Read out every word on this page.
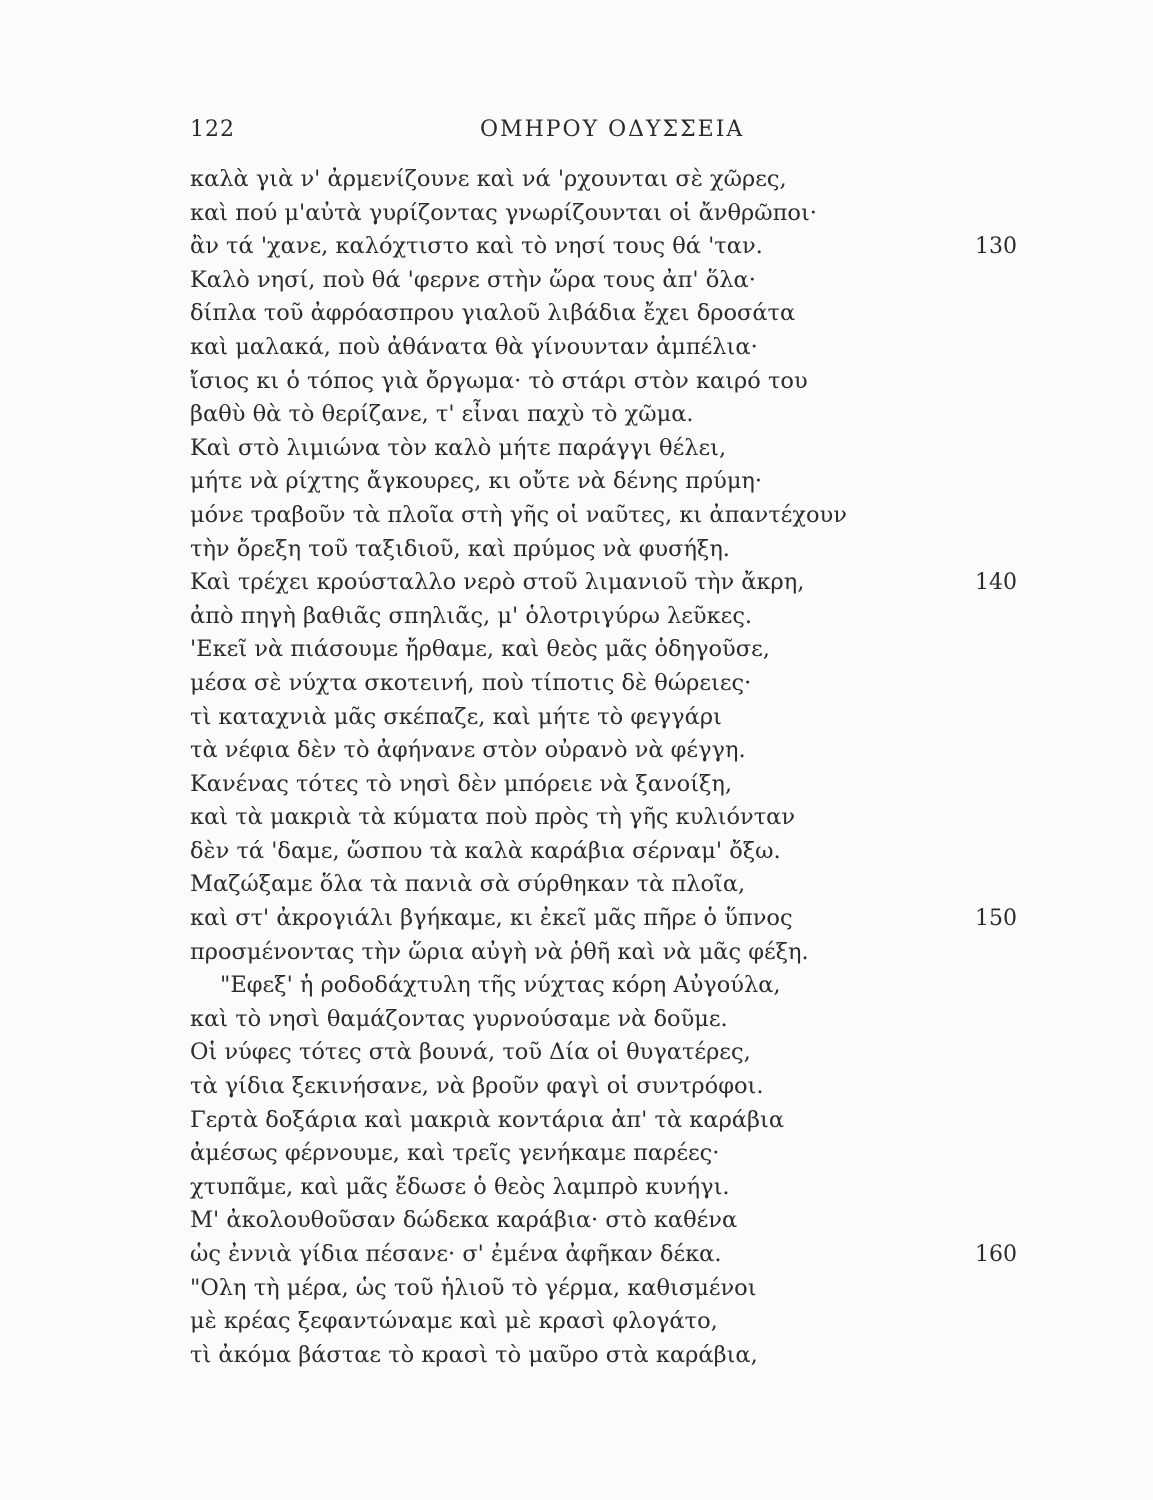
122	ΟΜΗΡΟΥ ΟΔΥΣΣΕΙΑ
καλὰ γιὰ ν' ἀρμενίζουνε καὶ νά 'ρχουνται σὲ χῶρες,
καὶ πού μ'αὐτὰ γυρίζοντας γνωρίζουνται οἱ ἄνθρῶποι·
ἂν τά 'χανε, καλόχτιστο καὶ τὸ νησί τους θά 'ταν.	130
Καλὸ νησί, ποὺ θά 'φερνε στὴν ὥρα τους ἀπ' ὅλα·
δίπλα τοῦ ἀφρόασπρου γιαλοῦ λιβάδια ἔχει δροσάτα
καὶ μαλακά, ποὺ ἀθάνατα θὰ γίνουνταν ἀμπέλια·
ἴσιος κι ὁ τόπος γιὰ ὄργωμα· τὸ στάρι στὸν καιρό του
βαθὺ θὰ τὸ θερίζανε, τ' εἶναι παχὺ τὸ χῶμα.
Καὶ στὸ λιμιώνα τὸν καλὸ μήτε παράγγι θέλει,
μήτε νὰ ρίχτης ἄγκουρες, κι οὔτε νὰ δένης πρύμη·
μόνε τραβοῦν τὰ πλοῖα στὴ γῆς οἱ ναῦτες, κι ἀπαντέχουν
τὴν ὄρεξη τοῦ ταξιδιοῦ, καὶ πρύμος νὰ φυσήξη.
Καὶ τρέχει κρούσταλλο νερὸ στοῦ λιμανιοῦ τὴν ἄκρη,	140
ἀπὸ πηγὴ βαθιᾶς σπηλιᾶς, μ' ὁλοτριγύρω λεῦκες.
'Εκεῖ νὰ πιάσουμε ἤρθαμε, καὶ θεὸς μᾶς ὁδηγοῦσε,
μέσα σὲ νύχτα σκοτεινή, ποὺ τίποτις δὲ θώρειες·
τὶ καταχνιὰ μᾶς σκέπαζε, καὶ μήτε τὸ φεγγάρι
τὰ νέφια δὲν τὸ ἀφήνανε στὸν οὐρανὸ νὰ φέγγη.
Κανένας τότες τὸ νησὶ δὲν μπόρειε νὰ ξανοίξη,
καὶ τὰ μακριὰ τὰ κύματα ποὺ πρὸς τὴ γῆς κυλιόνταν
δὲν τά 'δαμε, ὥσπου τὰ καλὰ καράβια σέρναμ' ὄξω.
Μαζώξαμε ὅλα τὰ πανιὰ σὰ σύρθηκαν τὰ πλοῖα,
καὶ στ' ἀκρογιάλι βγήκαμε, κι ἐκεῖ μᾶς πῆρε ὁ ὕπνος	150
προσμένοντας τὴν ὥρια αὐγὴ νὰ ῥθῆ καὶ νὰ μᾶς φέξη.
"Εφεξ' ἡ ροδοδάχτυλη τῆς νύχτας κόρη Αὐγούλα,
καὶ τὸ νησὶ θαμάζοντας γυρνούσαμε νὰ δοῦμε.
Οἱ νύφες τότες στὰ βουνά, τοῦ Δία οἱ θυγατέρες,
τὰ γίδια ξεκινήσανε, νὰ βροῦν φαγὶ οἱ συντρόφοι.
Γερτὰ δοξάρια καὶ μακριὰ κοντάρια ἀπ' τὰ καράβια
ἀμέσως φέρνουμε, καὶ τρεῖς γενήκαμε παρέες·
χτυπᾶμε, καὶ μᾶς ἔδωσε ὁ θεὸς λαμπρὸ κυνήγι.
Μ' ἀκολουθοῦσαν δώδεκα καράβια· στὸ καθένα
ὡς ἐννιὰ γίδια πέσανε· σ' ἐμένα ἀφῆκαν δέκα.	160
"Ολη τὴ μέρα, ὡς τοῦ ἡλιοῦ τὸ γέρμα, καθισμένοι
μὲ κρέας ξεφαντώναμε καὶ μὲ κρασὶ φλογάτο,
τὶ ἀκόμα βάσταε τὸ κρασὶ τὸ μαῦρο στὰ καράβια,
